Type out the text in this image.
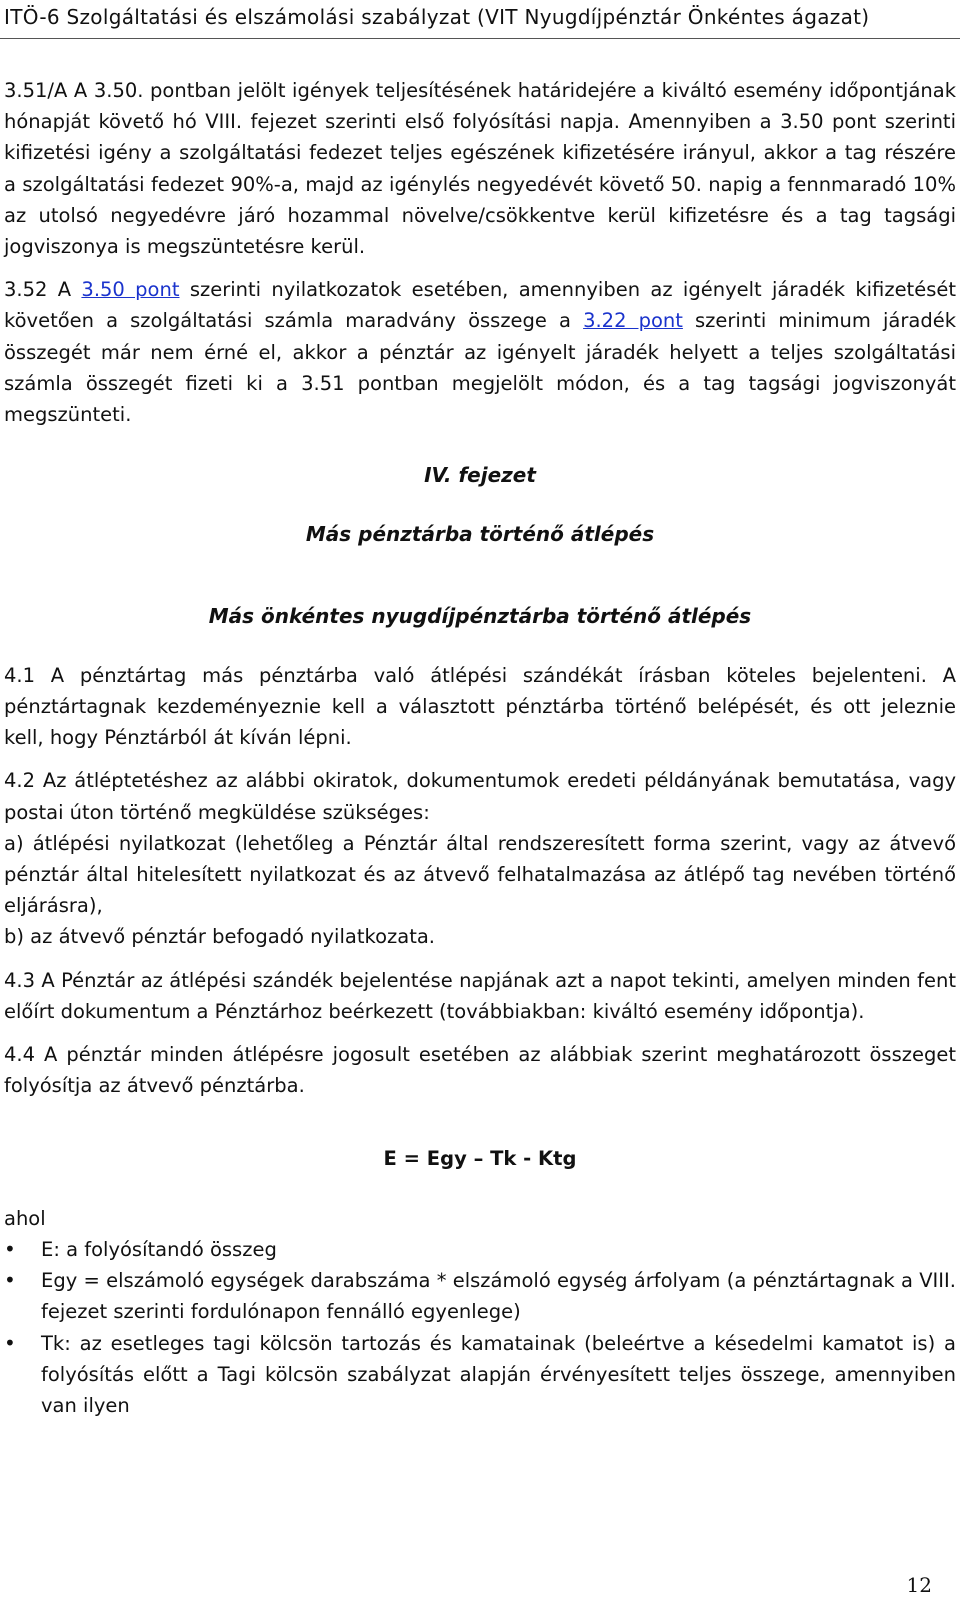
ITÖ-6 Szolgáltatási és elszámolási szabályzat (VIT Nyugdíjpénztár Önkéntes ágazat)

3.51/A A 3.50. pontban jelölt igények teljesítésének határidejére a kiváltó esemény időpontjának hónapját követő hó VIII. fejezet szerinti első folyósítási napja. Amennyiben a 3.50 pont szerinti kifizetési igény a szolgáltatási fedezet teljes egészének kifizetésére irányul, akkor a tag részére a szolgáltatási fedezet 90%-a, majd az igénylés negyedévét követő 50. napig a fennmaradó 10% az utolsó negyedévre járó hozammal növelve/csökkentve kerül kifizetésre és a tag tagsági jogviszonya is megszüntetésre kerül.

3.52 A 3.50 pont szerinti nyilatkozatok esetében, amennyiben az igényelt járadék kifizetését követően a szolgáltatási számla maradvány összege a 3.22 pont szerinti minimum járadék összegét már nem érné el, akkor a pénztár az igényelt járadék helyett a teljes szolgáltatási számla összegét fizeti ki a 3.51 pontban megjelölt módon, és a tag tagsági jogviszonyát megszünteti.

IV. fejezet

Más pénztárba történő átlépés

Más önkéntes nyugdíjpénztárba történő átlépés

4.1 A pénztártag más pénztárba való átlépési szándékát írásban köteles bejelenteni. A pénztártagnak kezdeményeznie kell a választott pénztárba történő belépését, és ott jeleznie kell, hogy Pénztárból át kíván lépni.

4.2 Az átléptetéshez az alábbi okiratok, dokumentumok eredeti példányának bemutatása, vagy postai úton történő megküldése szükséges:

a) átlépési nyilatkozat (lehetőleg a Pénztár által rendszeresített forma szerint, vagy az átvevő pénztár által hitelesített nyilatkozat és az átvevő felhatalmazása az átlépő tag nevében történő eljárásra),

b) az átvevő pénztár befogadó nyilatkozata.

4.3 A Pénztár az átlépési szándék bejelentése napjának azt a napot tekinti, amelyen minden fent előírt dokumentum a Pénztárhoz beérkezett (továbbiakban: kiváltó esemény időpontja).

4.4 A pénztár minden átlépésre jogosult esetében az alábbiak szerint meghatározott összeget folyósítja az átvevő pénztárba.

E = Egy – Tk - Ktg

ahol

• E: a folyósítandó összeg
• Egy = elszámoló egységek darabszáma * elszámoló egység árfolyam (a pénztártagnak a VIII. fejezet szerinti fordulónapon fennálló egyenlege)
• Tk: az esetleges tagi kölcsön tartozás és kamatainak (beleértve a késedelmi kamatot is) a folyósítás előtt a Tagi kölcsön szabályzat alapján érvényesített teljes összege, amennyiben van ilyen
12
